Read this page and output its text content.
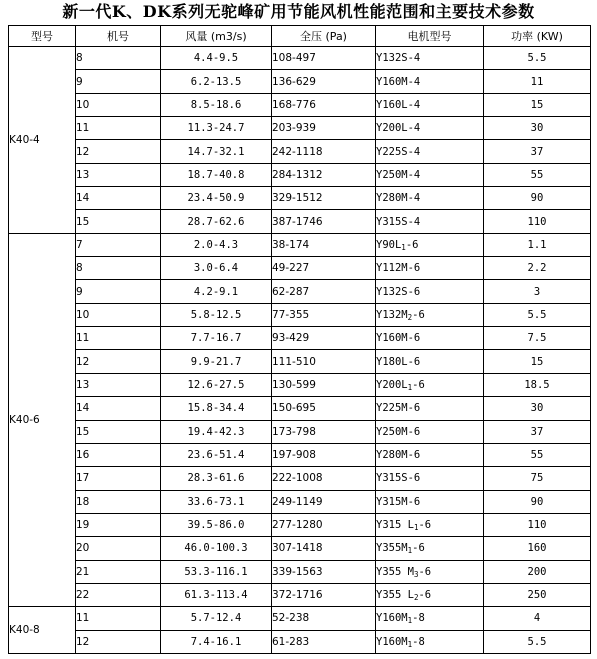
新一代K、DK系列无驼峰矿用节能风机性能范围和主要技术参数
型号	机号	风量 (m3/s)	全压 (Pa)	电机型号	功率 (KW)
K40-4	8	4.4-9.5	108-497	Y132S-4	5.5
	9	6.2-13.5	136-629	Y160M-4	11
	10	8.5-18.6	168-776	Y160L-4	15
	11	11.3-24.7	203-939	Y200L-4	30
	12	14.7-32.1	242-1118	Y225S-4	37
	13	18.7-40.8	284-1312	Y250M-4	55
	14	23.4-50.9	329-1512	Y280M-4	90
	15	28.7-62.6	387-1746	Y315S-4	110
K40-6	7	2.0-4.3	38-174	$Y90L_1-6$	1.1
	8	3.0-6.4	49-227	Y112M-6	2.2
	9	4.2-9.1	62-287	Y132S-6	3
	10	5.8-12.5	77-355	$Y132M_2-6$	5.5
	11	7.7-16.7	93-429	Y160M-6	7.5
	12	9.9-21.7	111-510	Y180L-6	15
	13	12.6-27.5	130-599	$Y200L_1-6$	18.5
	14	15.8-34.4	150-695	Y225M-6	30
	15	19.4-42.3	173-798	Y250M-6	37
	16	23.6-51.4	197-908	Y280M-6	55
	17	28.3-61.6	222-1008	Y315S-6	75
	18	33.6-73.1	249-1149	Y315M-6	90
	19	39.5-86.0	277-1280	Y315 $L_1-6$	110
	20	46.0-100.3	307-1418	$Y355M_1-6$	160
	21	53.3-116.1	339-1563	Y355 $M_3-6$	200
	22	61.3-113.4	372-1716	Y355 $L_2-6$	250
K40-8	11	5.7-12.4	52-238	$Y160M_1-8$	4
	12	7.4-16.1	61-283	$Y160M_1-8$	5.5
